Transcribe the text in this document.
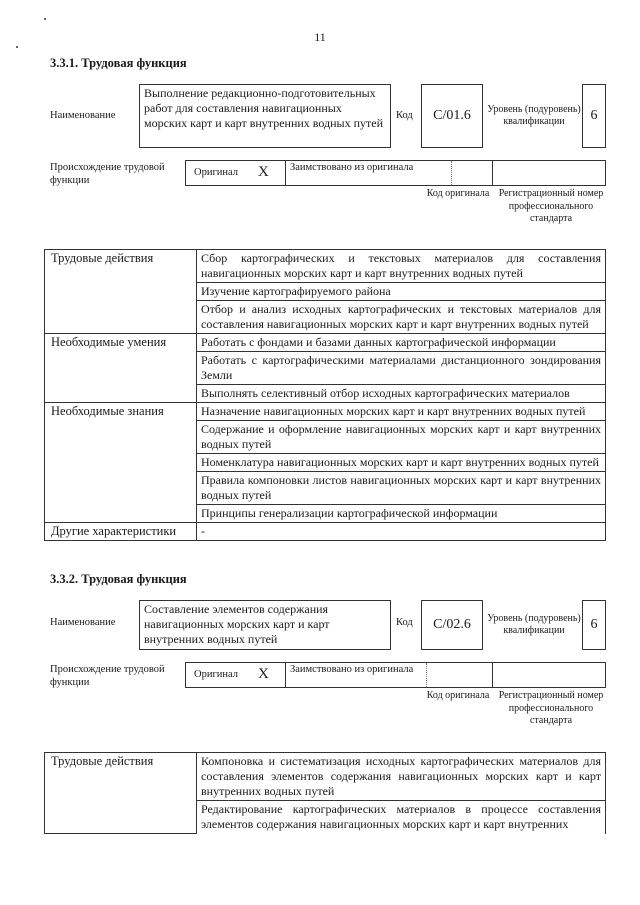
11
3.3.1. Трудовая функция
Наименование
Выполнение редакционно-подготовительных работ для составления навигационных морских карт и карт внутренних водных путей
Код С/01.6 Уровень (подуровень) квалификации	6
Происхождение трудовой функции
Оригинал X Заимствовано из оригинала
Код оригинала Регистрационный номер профессионального стандарта
Трудовые действия	Сбор картографических и текстовых материалов для составления навигационных морских карт и карт внутренних водных путей
	Изучение картографируемого района
	Отбор и анализ исходных картографических и текстовых материалов для составления навигационных морских карт и карт внутренних водных путей
Необходимые умения	Работать с фондами и базами данных картографической информации
	Работать с картографическими материалами дистанционного зондирования Земли
	Выполнять селективный отбор исходных картографических материалов
Необходимые знания	Назначение навигационных морских карт и карт внутренних водных путей
	Содержание и оформление навигационных морских карт и карт внутренних водных путей
	Номенклатура навигационных морских карт и карт внутренних водных путей
	Правила компоновки листов навигационных морских карт и карт внутренних водных путей
	Принципы генерализации картографической информации
Другие характеристики	-
3.3.2. Трудовая функция
Наименование
Составление элементов содержания навигационных морских карт и карт внутренних водных путей
Код С/02.6 Уровень (подуровень) квалификации	6
Происхождение трудовой функции
Оригинал X Заимствовано из оригинала
Код оригинала Регистрационный номер профессионального стандарта
Трудовые действия	Компоновка и систематизация исходных картографических материалов для составления элементов содержания навигационных морских карт и карт внутренних водных путей
Редактирование картографических материалов в процессе составления элементов содержания навигационных морских карт и карт внутренних
